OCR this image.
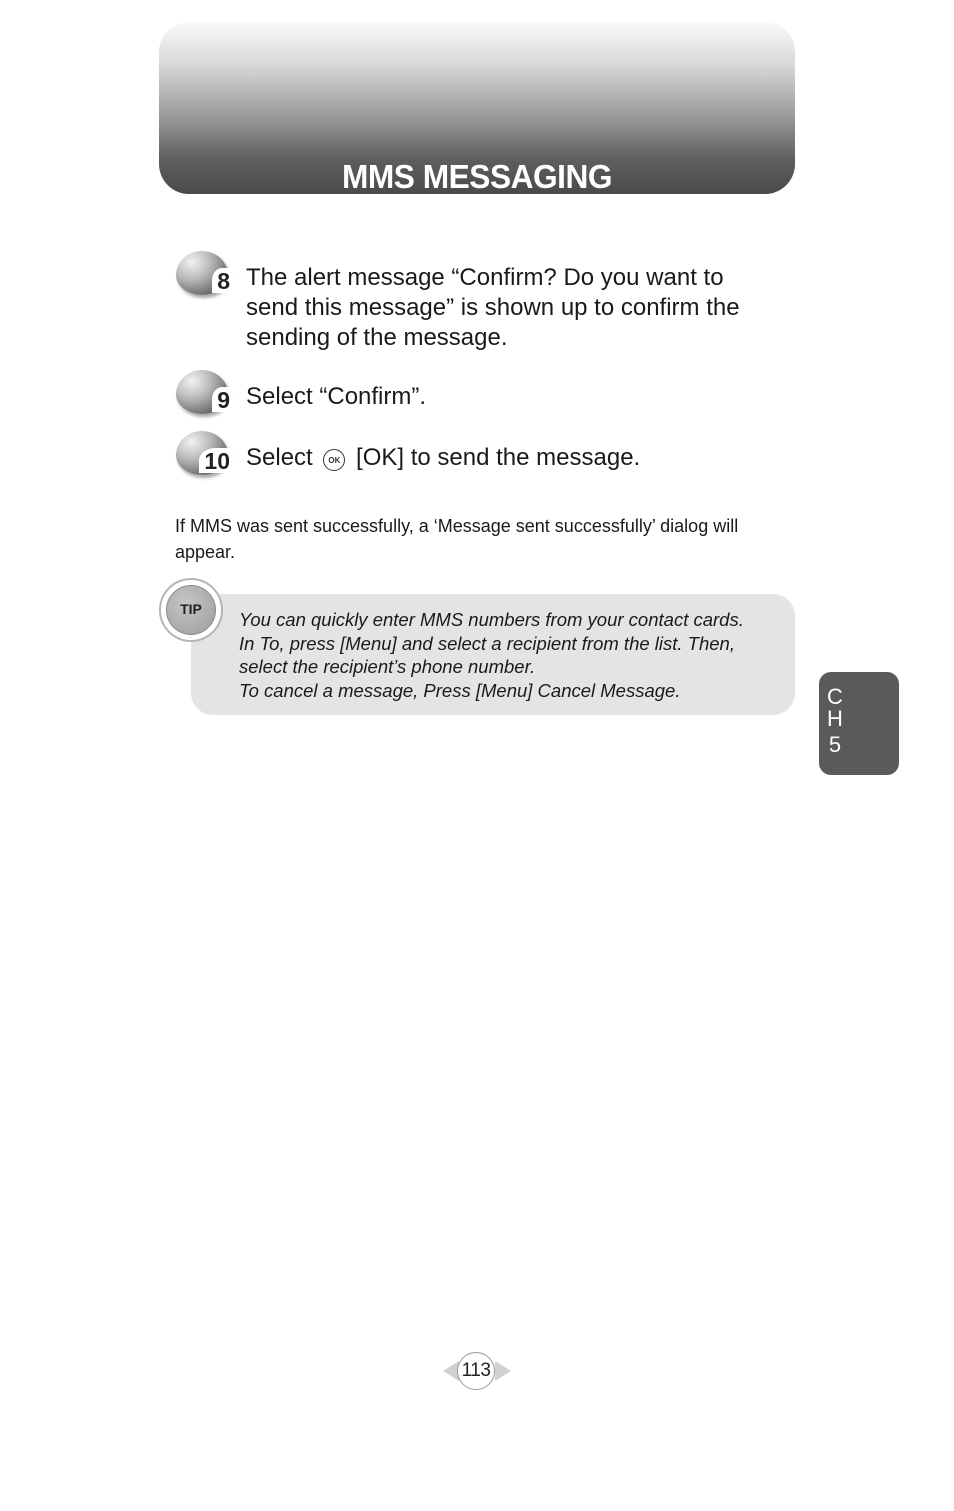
MMS MESSAGING
8 The alert message “Confirm? Do you want to
send this message” is shown up to confirm the
sending of the message.
9 Select “Confirm”.
10 Select OK [OK] to send the message.
If MMS was sent successfully, a ‘Message sent successfully’ dialog will
appear.
You can quickly enter MMS numbers from your contact cards.
In To, press [Menu] and select a recipient from the list. Then,
select the recipient’s phone number.
To cancel a message, Press [Menu] Cancel Message.
TIP
C
H
5
113
